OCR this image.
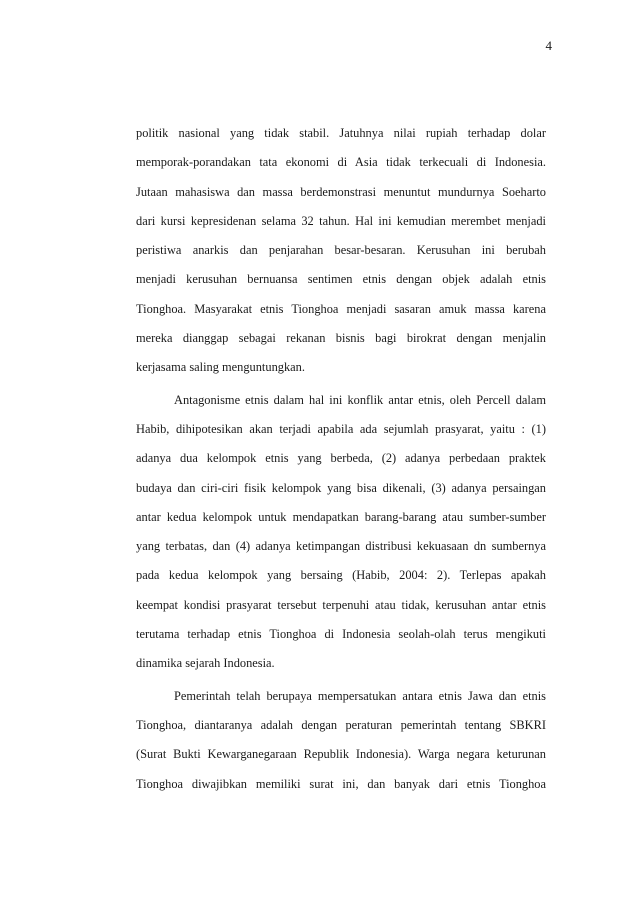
4
politik nasional yang tidak stabil. Jatuhnya nilai rupiah terhadap dolar
memporak-porandakan tata ekonomi di Asia tidak terkecuali di Indonesia.
Jutaan mahasiswa dan massa berdemonstrasi menuntut mundurnya Soeharto
dari kursi kepresidenan selama 32 tahun. Hal ini kemudian merembet menjadi
peristiwa anarkis dan penjarahan besar-besaran. Kerusuhan ini berubah
menjadi kerusuhan bernuansa sentimen etnis dengan objek adalah etnis
Tionghoa. Masyarakat etnis Tionghoa menjadi sasaran amuk massa karena
mereka dianggap sebagai rekanan bisnis bagi birokrat dengan menjalin
kerjasama saling menguntungkan.
Antagonisme etnis dalam hal ini konflik antar etnis, oleh Percell dalam
Habib, dihipotesikan akan terjadi apabila ada sejumlah prasyarat, yaitu : (1)
adanya dua kelompok etnis yang berbeda, (2) adanya perbedaan praktek
budaya dan ciri-ciri fisik kelompok yang bisa dikenali, (3) adanya persaingan
antar kedua kelompok untuk mendapatkan barang-barang atau sumber-sumber
yang terbatas, dan (4) adanya ketimpangan distribusi kekuasaan dn sumbernya
pada kedua kelompok yang bersaing (Habib, 2004: 2). Terlepas apakah
keempat kondisi prasyarat tersebut terpenuhi atau tidak, kerusuhan antar etnis
terutama terhadap etnis Tionghoa di Indonesia seolah-olah terus mengikuti
dinamika sejarah Indonesia.
Pemerintah telah berupaya mempersatukan antara etnis Jawa dan etnis
Tionghoa, diantaranya adalah dengan peraturan pemerintah tentang SBKRI
(Surat Bukti Kewarganegaraan Republik Indonesia). Warga negara keturunan
Tionghoa diwajibkan memiliki surat ini, dan banyak dari etnis Tionghoa
